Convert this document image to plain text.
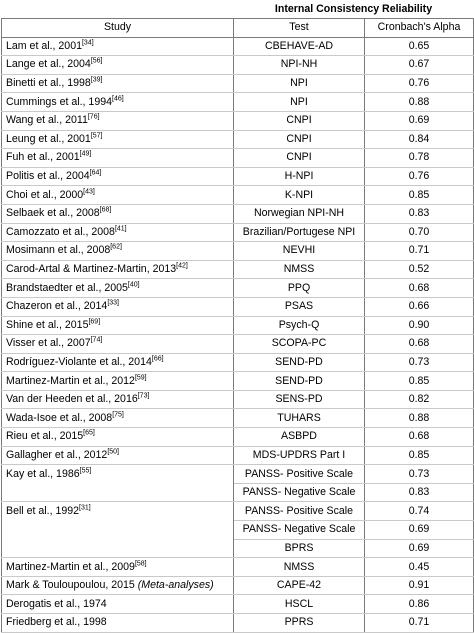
	Internal Consistency Reliability	
Study	Test	Cronbach's Alpha
Lam et al., 2001[34]	CBEHAVE-AD	0.65
Lange et al., 2004[56]	NPI-NH	0.67
Binetti et al., 1998[39]	NPI	0.76
Cummings et al., 1994[46]	NPI	0.88
Wang et al., 2011[76]	CNPI	0.69
Leung et al., 2001[57]	CNPI	0.84
Fuh et al., 2001[49]	CNPI	0.78
Politis et al., 2004[64]	H-NPI	0.76
Choi et al., 2000[43]	K-NPI	0.85
Selbaek et al., 2008[68]	Norwegian NPI-NH	0.83
Camozzato et al., 2008[41]	Brazilian/Portugese NPI	0.70
Mosimann et al., 2008[62]	NEVHI	0.71
Carod-Artal & Martinez-Martin, 2013[42]	NMSS	0.52
Brandstaedter et al., 2005[40]	PPQ	0.68
Chazeron et al., 2014[33]	PSAS	0.66
Shine et al., 2015[69]	Psych-Q	0.90
Visser et al., 2007[74]	SCOPA-PC	0.68
Rodríguez-Violante et al., 2014[66]	SEND-PD	0.73
Martinez-Martin et al., 2012[59]	SEND-PD	0.85
Van der Heeden et al., 2016[73]	SENS-PD	0.82
Wada-Isoe et al., 2008[75]	TUHARS	0.88
Rieu et al., 2015[65]	ASBPD	0.68
Gallagher et al., 2012[50]	MDS-UPDRS Part I	0.85
Kay et al., 1986[55]	PANSS- Positive Scale	0.73
	PANSS- Negative Scale	0.83
Bell et al., 1992[31]	PANSS- Positive Scale	0.74
	PANSS- Negative Scale	0.69
	BPRS	0.69
Martinez-Martin et al., 2009[58]	NMSS	0.45
Mark & Touloupoulou, 2015 (Meta-analyses)	CAPE-42	0.91
Derogatis et al., 1974	HSCL	0.86
Friedberg et al., 1998	PPRS	0.71
